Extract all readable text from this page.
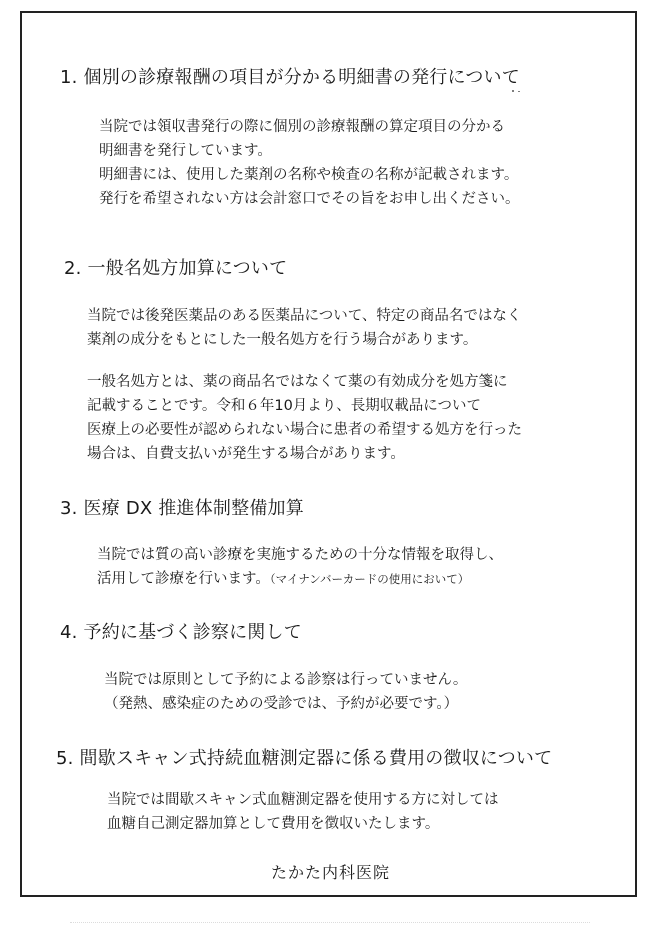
1. 個別の診療報酬の項目が分かる明細書の発行について
当院では領収書発行の際に個別の診療報酬の算定項目の分かる
明細書を発行しています。
明細書には、使用した薬剤の名称や検査の名称が記載されます。
発行を希望されない方は会計窓口でその旨をお申し出ください。
2. 一般名処方加算について
当院では後発医薬品のある医薬品について、特定の商品名ではなく
薬剤の成分をもとにした一般名処方を行う場合があります。
一般名処方とは、薬の商品名ではなくて薬の有効成分を処方箋に
記載することです。令和６年10月より、長期収載品について
医療上の必要性が認められない場合に患者の希望する処方を行った
場合は、自費支払いが発生する場合があります。
3. 医療 DX 推進体制整備加算
当院では質の高い診療を実施するための十分な情報を取得し、
活用して診療を行います。（マイナンバーカードの使用において）
4. 予約に基づく診察に関して
当院では原則として予約による診察は行っていません。
（発熱、感染症のための受診では、予約が必要です。）
5. 間歇スキャン式持続血糖測定器に係る費用の徴収について
当院では間歇スキャン式血糖測定器を使用する方に対しては
血糖自己測定器加算として費用を徴収いたします。
たかた内科医院
